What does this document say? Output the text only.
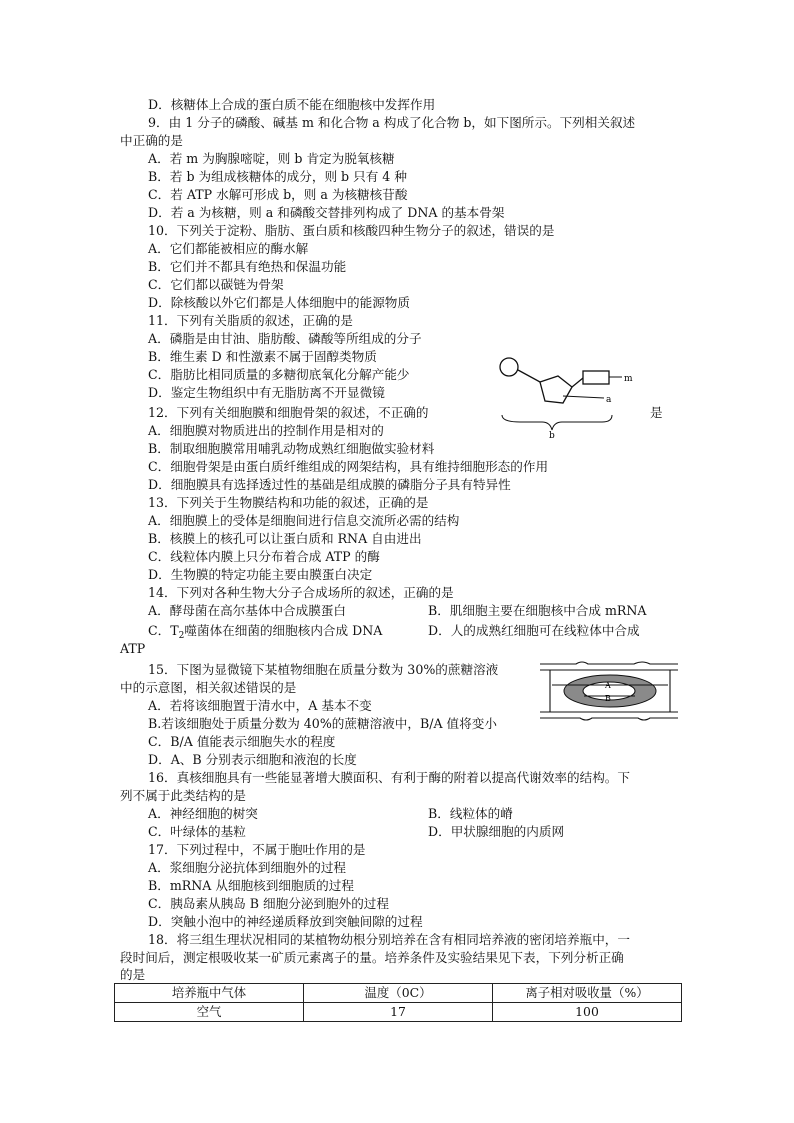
D．核糖体上合成的蛋白质不能在细胞核中发挥作用
9．由 1 分子的磷酸、碱基 m 和化合物 a 构成了化合物 b，如下图所示。下列相关叙述
中正确的是
A．若 m 为胸腺嘧啶，则 b 肯定为脱氧核糖
B．若 b 为组成核糖体的成分，则 b 只有 4 种
C．若 ATP 水解可形成 b，则 a 为核糖核苷酸
D．若 a 为核糖，则 a 和磷酸交替排列构成了 DNA 的基本骨架
10．下列关于淀粉、脂肪、蛋白质和核酸四种生物分子的叙述，错误的是
A．它们都能被相应的酶水解
B．它们并不都具有绝热和保温功能
C．它们都以碳链为骨架
D．除核酸以外它们都是人体细胞中的能源物质
11．下列有关脂质的叙述，正确的是
A．磷脂是由甘油、脂肪酸、磷酸等所组成的分子
B．维生素 D 和性激素不属于固醇类物质
C．脂肪比相同质量的多糖彻底氧化分解产能少
D．鉴定生物组织中有无脂肪离不开显微镜
m
a
b
12．下列有关细胞膜和细胞骨架的叙述，不正确的	是
A．细胞膜对物质进出的控制作用是相对的
B．制取细胞膜常用哺乳动物成熟红细胞做实验材料
C．细胞骨架是由蛋白质纤维组成的网架结构，具有维持细胞形态的作用
D．细胞膜具有选择透过性的基础是组成膜的磷脂分子具有特异性
13．下列关于生物膜结构和功能的叙述，正确的是
A．细胞膜上的受体是细胞间进行信息交流所必需的结构
B．核膜上的核孔可以让蛋白质和 RNA 自由进出
C．线粒体内膜上只分布着合成 ATP 的酶
D．生物膜的特定功能主要由膜蛋白决定
14．下列对各种生物大分子合成场所的叙述，正确的是
A．酵母菌在高尔基体中合成膜蛋白	B．肌细胞主要在细胞核中合成 mRNA
C．$T_2$噬菌体在细菌的细胞核内合成 DNA	D．人的成熟红细胞可在线粒体中合成
ATP
15．下图为显微镜下某植物细胞在质量分数为 30%的蔗糖溶液
中的示意图，相关叙述错误的是
A．若将该细胞置于清水中，A 基本不变
B.若该细胞处于质量分数为 40%的蔗糖溶液中，B/A 值将变小
C．B/A 值能表示细胞失水的程度
D．A、B 分别表示细胞和液泡的长度
A
B
16．真核细胞具有一些能显著增大膜面积、有利于酶的附着以提高代谢效率的结构。下
列不属于此类结构的是
A．神经细胞的树突	B．线粒体的嵴
C．叶绿体的基粒	D．甲状腺细胞的内质网
17．下列过程中，不属于胞吐作用的是
A．浆细胞分泌抗体到细胞外的过程
B．mRNA 从细胞核到细胞质的过程
C．胰岛素从胰岛 B 细胞分泌到胞外的过程
D．突触小泡中的神经递质释放到突触间隙的过程
18．将三组生理状况相同的某植物幼根分别培养在含有相同培养液的密闭培养瓶中，一
段时间后，测定根吸收某一矿质元素离子的量。培养条件及实验结果见下表，下列分析正确
的是
培养瓶中气体	温度（0C）	离子相对吸收量（%）
空气	17	100
